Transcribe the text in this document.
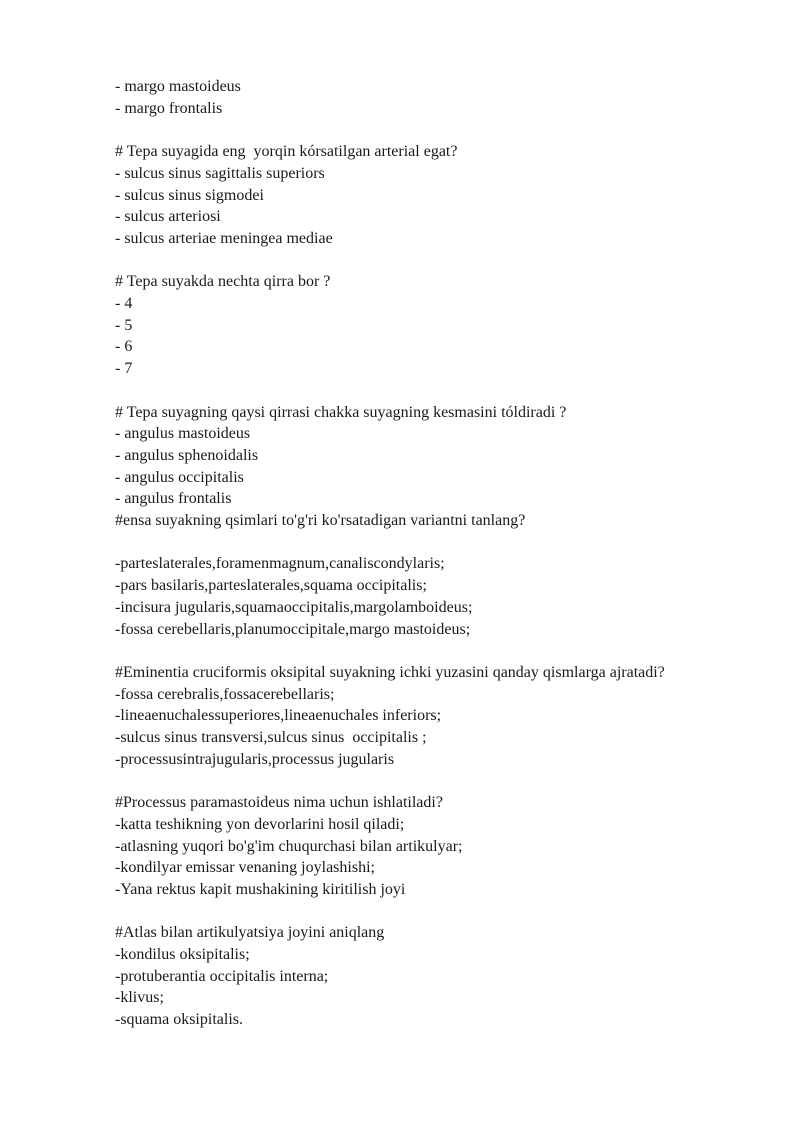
- margo mastoideus
- margo frontalis
# Tepa suyagida eng  yorqin kórsatilgan arterial egat?
- sulcus sinus sagittalis superiors
- sulcus sinus sigmodei
- sulcus arteriosi
- sulcus arteriae meningea mediae
# Tepa suyakda nechta qirra bor ?
- 4
- 5
- 6
- 7
# Tepa suyagning qaysi qirrasi chakka suyagning kesmasini tóldiradi ?
- angulus mastoideus
- angulus sphenoidalis
- angulus occipitalis
- angulus frontalis
#ensa suyakning qsimlari to'g'ri ko'rsatadigan variantni tanlang?
-parteslaterales,foramenmagnum,canaliscondylaris;
-pars basilaris,parteslaterales,squama occipitalis;
-incisura jugularis,squamaoccipitalis,margolamboideus;
-fossa cerebellaris,planumoccipitale,margo mastoideus;
#Eminentia cruciformis oksipital suyakning ichki yuzasini qanday qismlarga ajratadi?
-fossa cerebralis,fossacerebellaris;
-lineaenuchalessuperiores,lineaenuchales inferiors;
-sulcus sinus transversi,sulcus sinus  occipitalis ;
-processusintrajugularis,processus jugularis
#Processus paramastoideus nima uchun ishlatiladi?
-katta teshikning yon devorlarini hosil qiladi;
-atlasning yuqori bo'g'im chuqurchasi bilan artikulyar;
-kondilyar emissar venaning joylashishi;
-Yana rektus kapit mushakining kiritilish joyi
#Atlas bilan artikulyatsiya joyini aniqlang
-kondilus oksipitalis;
-protuberantia occipitalis interna;
-klivus;
-squama oksipitalis.
